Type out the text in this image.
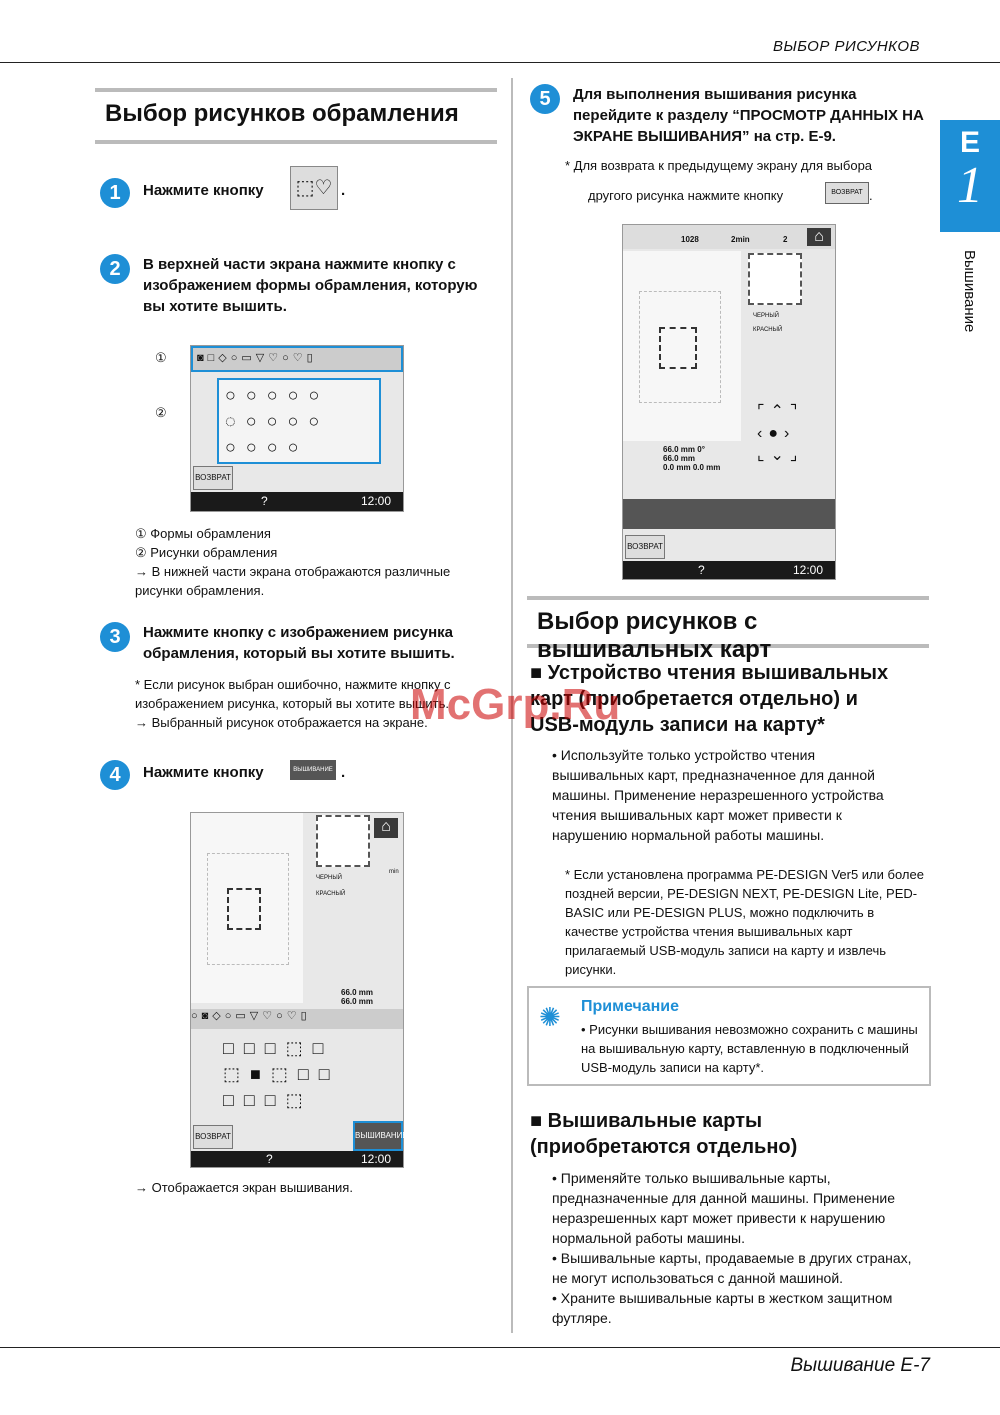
ВЫБОР РИСУНКОВ
E
1
Вышивание
Выбор рисунков обрамления
1	Нажмите кнопку ⬚♡ .
2	В верхней части экрана нажмите кнопку с изображением формы обрамления, которую вы хотите вышить.
①
②
◙□◇○▭▽♡○♡▯
○○○○○
◌○○○○
○○○○
ВОЗВРАТ
?	12:00
① Формы обрамления
② Рисунки обрамления
→ В нижней части экрана отображаются различные рисунки обрамления.
3	Нажмите кнопку с изображением рисунка обрамления, который вы хотите вышить.
* Если рисунок выбран ошибочно, нажмите кнопку с изображением рисунка, который вы хотите вышить.
→ Выбранный рисунок отображается на экране.
4	Нажмите кнопку	ВЫШИВАНИЕ .
⌂
ЧЕРНЫЙ
КРАСНЫЙ
min
66.0 mm
66.0 mm
○◙◇○▭▽♡○♡▯
□□□⬚□
⬚■⬚□□
□□□⬚
ВОЗВРАТ	ВЫШИВАНИЕ
?	12:00
→ Отображается экран вышивания.
5	Для выполнения вышивания рисунка перейдите к разделу “ПРОСМОТР ДАННЫХ НА ЭКРАНЕ ВЫШИВАНИЯ” на стр. E-9.
* Для возврата к предыдущему экрану для выбора
другого рисунка нажмите кнопку	ВОЗВРАТ .
1028	2min	2	⌂
ЧЕРНЫЙ
КРАСНЫЙ
⌜⌃⌝
‹●›
⌞⌄⌟
66.0 mm 0°
66.0 mm
0.0 mm 0.0 mm
ВОЗВРАТ
?	12:00
Выбор рисунков с вышивальных карт
■ Устройство чтения вышивальных карт (приобретается отдельно) и USB-модуль записи на карту*
• Используйте только устройство чтения вышивальных карт, предназначенное для данной машины. Применение неразрешенного устройства чтения вышивальных карт может привести к нарушению нормальной работы машины.
* Если установлена программа PE-DESIGN Ver5 или более поздней версии, PE-DESIGN NEXT, PE-DESIGN Lite, PED-BASIC или PE-DESIGN PLUS, можно подключить в качестве устройства чтения вышивальных карт прилагаемый USB-модуль записи на карту и извлечь рисунки.
✺ Примечание
• Рисунки вышивания невозможно сохранить с машины на вышивальную карту, вставленную в подключенный USB-модуль записи на карту*.
■ Вышивальные карты (приобретаются отдельно)
• Применяйте только вышивальные карты, предназначенные для данной машины. Применение неразрешенных карт может привести к нарушению нормальной работы машины.
• Вышивальные карты, продаваемые в других странах, не могут использоваться с данной машиной.
• Храните вышивальные карты в жестком защитном футляре.
McGrp.Ru
Вышивание E-7
